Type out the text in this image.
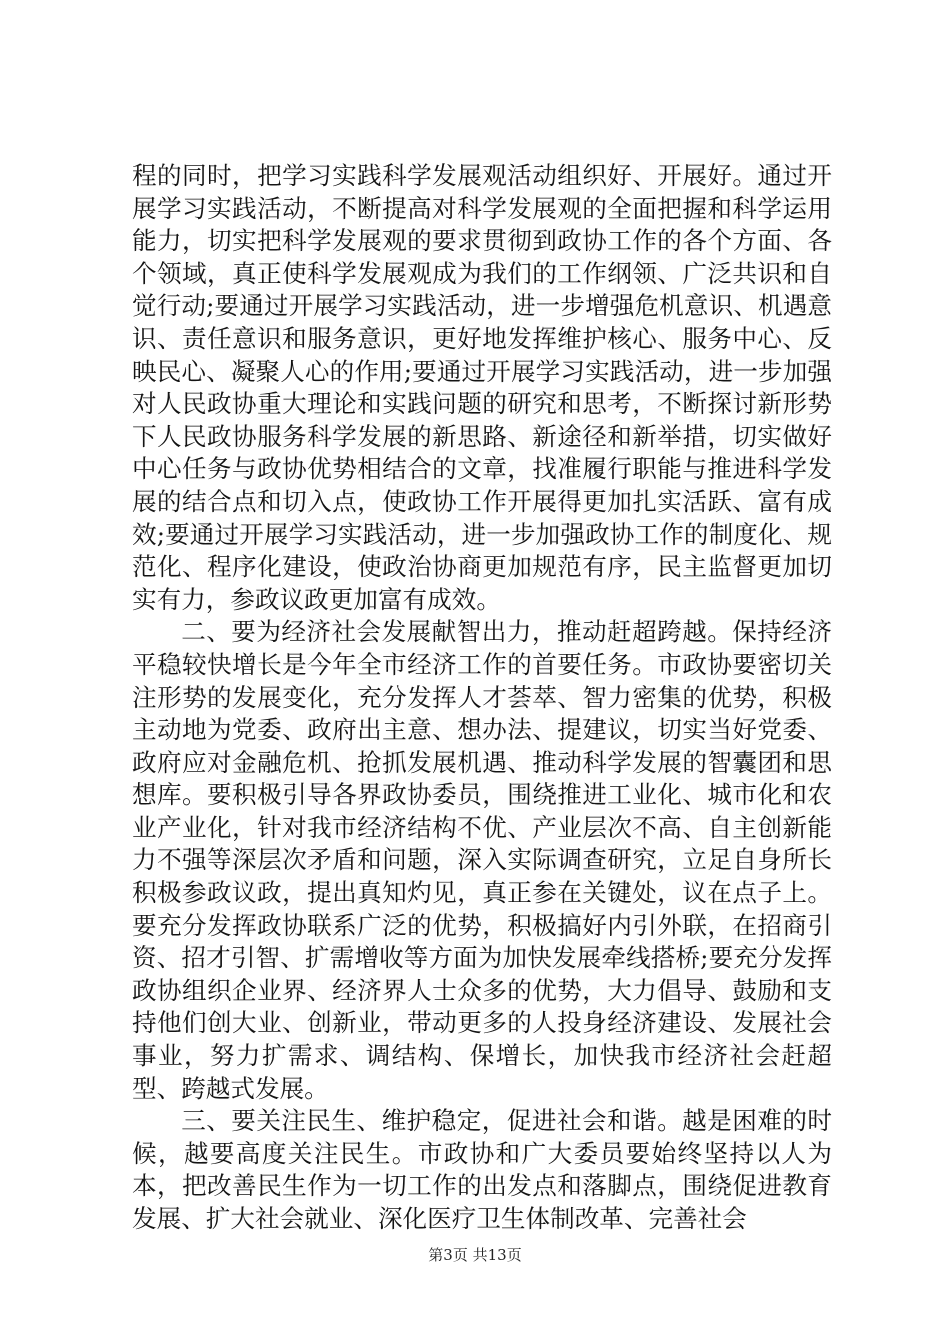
程的同时，把学习实践科学发展观活动组织好、开展好。通过开展学习实践活动，不断提高对科学发展观的全面把握和科学运用能力，切实把科学发展观的要求贯彻到政协工作的各个方面、各个领域，真正使科学发展观成为我们的工作纲领、广泛共识和自觉行动;要通过开展学习实践活动，进一步增强危机意识、机遇意识、责任意识和服务意识，更好地发挥维护核心、服务中心、反映民心、凝聚人心的作用;要通过开展学习实践活动，进一步加强对人民政协重大理论和实践问题的研究和思考，不断探讨新形势下人民政协服务科学发展的新思路、新途径和新举措，切实做好中心任务与政协优势相结合的文章，找准履行职能与推进科学发展的结合点和切入点，使政协工作开展得更加扎实活跃、富有成效;要通过开展学习实践活动，进一步加强政协工作的制度化、规范化、程序化建设，使政治协商更加规范有序，民主监督更加切实有力，参政议政更加富有成效。

二、要为经济社会发展献智出力，推动赶超跨越。保持经济平稳较快增长是今年全市经济工作的首要任务。市政协要密切关注形势的发展变化，充分发挥人才荟萃、智力密集的优势，积极主动地为党委、政府出主意、想办法、提建议，切实当好党委、政府应对金融危机、抢抓发展机遇、推动科学发展的智囊团和思想库。要积极引导各界政协委员，围绕推进工业化、城市化和农业产业化，针对我市经济结构不优、产业层次不高、自主创新能力不强等深层次矛盾和问题，深入实际调查研究，立足自身所长积极参政议政，提出真知灼见，真正参在关键处，议在点子上。要充分发挥政协联系广泛的优势，积极搞好内引外联，在招商引资、招才引智、扩需增收等方面为加快发展牵线搭桥;要充分发挥政协组织企业界、经济界人士众多的优势，大力倡导、鼓励和支持他们创大业、创新业，带动更多的人投身经济建设、发展社会事业，努力扩需求、调结构、保增长，加快我市经济社会赶超型、跨越式发展。

三、要关注民生、维护稳定，促进社会和谐。越是困难的时候，越要高度关注民生。市政协和广大委员要始终坚持以人为本，把改善民生作为一切工作的出发点和落脚点，围绕促进教育发展、扩大社会就业、深化医疗卫生体制改革、完善社会

第3页 共13页
